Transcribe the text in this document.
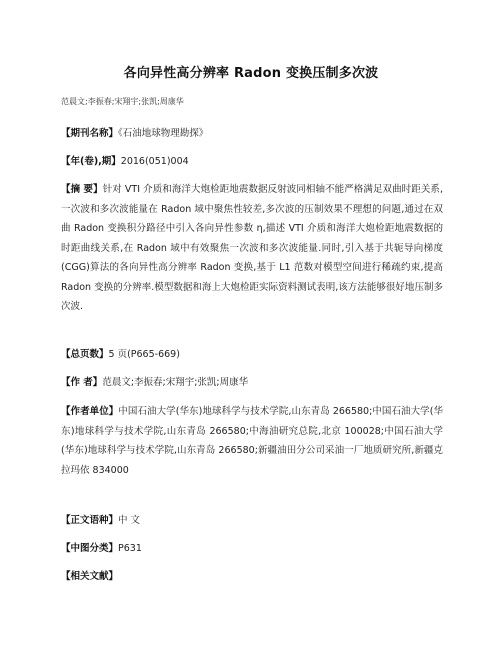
各向异性高分辨率 Radon 变换压制多次波
范晨文;李振春;宋翔宇;张凯;周康华
【期刊名称】《石油地球物理勘探》
【年(卷),期】2016(051)004
【摘 要】针对 VTI 介质和海洋大炮检距地震数据反射波同相轴不能严格满足双曲时距关系,一次波和多次波能量在 Radon 域中聚焦性较差,多次波的压制效果不理想的问题,通过在双曲 Radon 变换积分路径中引入各向异性参数 η,描述 VTI 介质和海洋大炮检距地震数据的时距曲线关系,在 Radon 域中有效聚焦一次波和多次波能量.同时,引入基于共轭导向梯度(CGG)算法的各向异性高分辨率 Radon 变换,基于 L1 范数对模型空间进行稀疏约束,提高 Radon 变换的分辨率.模型数据和海上大炮检距实际资料测试表明,该方法能够很好地压制多次波.
【总页数】5 页(P665-669)
【作 者】范晨文;李振春;宋翔宇;张凯;周康华
【作者单位】中国石油大学(华东)地球科学与技术学院,山东青岛 266580;中国石油大学(华东)地球科学与技术学院,山东青岛 266580;中海油研究总院,北京 100028;中国石油大学(华东)地球科学与技术学院,山东青岛 266580;新疆油田分公司采油一厂地质研究所,新疆克拉玛依 834000
【正文语种】中 文
【中图分类】P631
【相关文献】
